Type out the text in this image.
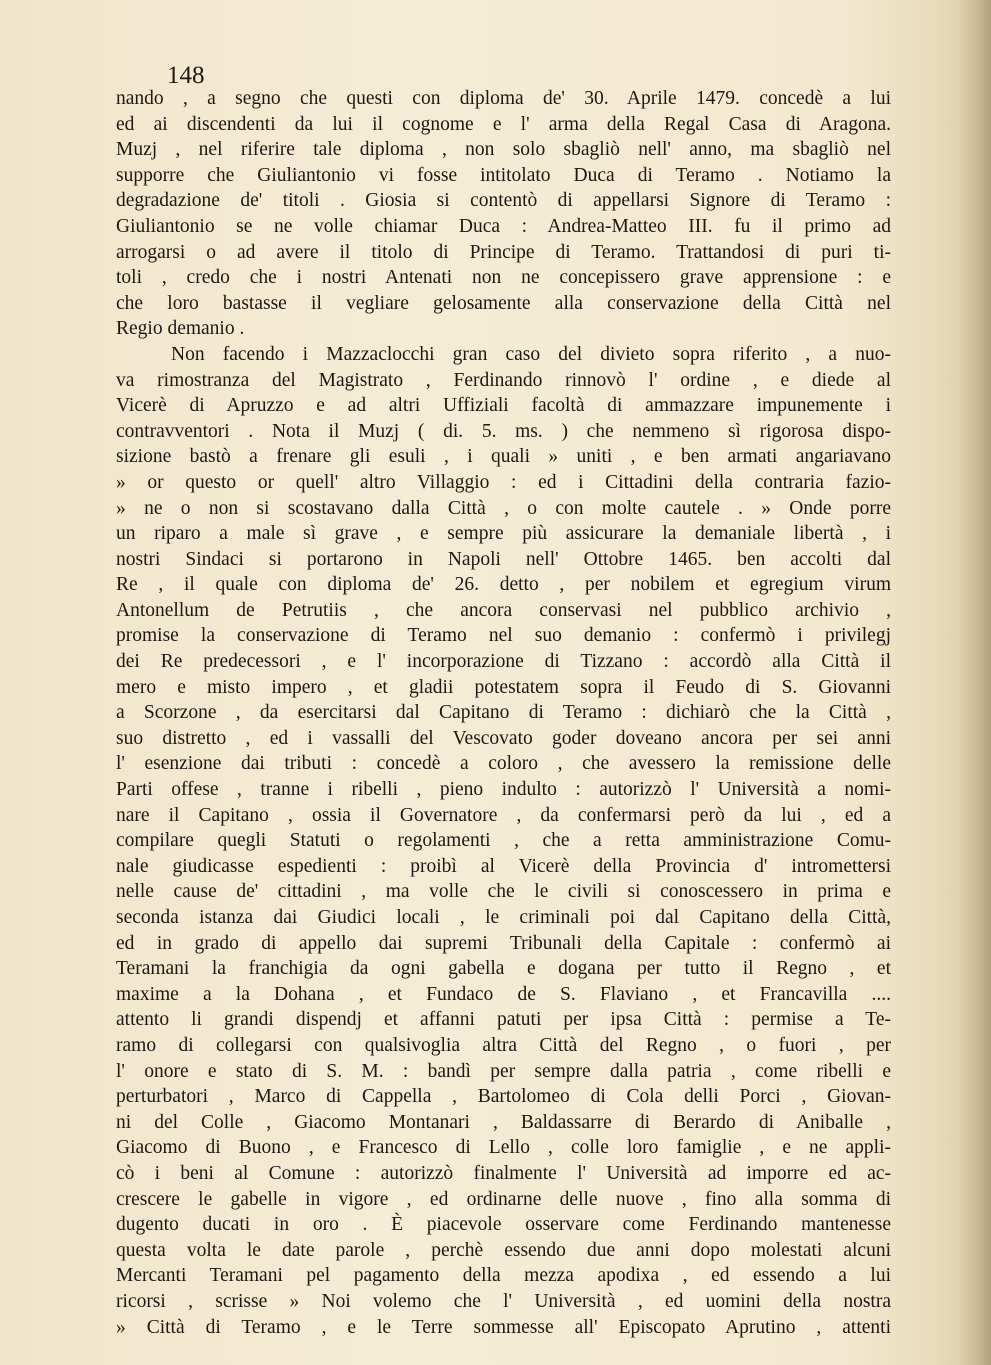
148
nando , a segno che questi con diploma de' 30. Aprile 1479. concedè a lui
ed ai discendenti da lui il cognome e l' arma della Regal Casa di Aragona.
Muzj , nel riferire tale diploma , non solo sbagliò nell' anno, ma sbagliò nel
supporre che Giuliantonio vi fosse intitolato Duca di Teramo . Notiamo la
degradazione de' titoli . Giosia si contentò di appellarsi Signore di Teramo :
Giuliantonio se ne volle chiamar Duca : Andrea-Matteo III. fu il primo ad
arrogarsi o ad avere il titolo di Principe di Teramo. Trattandosi di puri ti-
toli , credo che i nostri Antenati non ne concepissero grave apprensione : e
che loro bastasse il vegliare gelosamente alla conservazione della Città nel
Regio demanio .
Non facendo i Mazzaclocchi gran caso del divieto sopra riferito , a nuo-
va rimostranza del Magistrato , Ferdinando rinnovò l' ordine , e diede al
Vicerè di Apruzzo e ad altri Uffiziali facoltà di ammazzare impunemente i
contravventori . Nota il Muzj ( di. 5. ms. ) che nemmeno sì rigorosa dispo-
sizione bastò a frenare gli esuli , i quali » uniti , e ben armati angariavano
» or questo or quell' altro Villaggio : ed i Cittadini della contraria fazio-
» ne o non si scostavano dalla Città , o con molte cautele . » Onde porre
un riparo a male sì grave , e sempre più assicurare la demaniale libertà , i
nostri Sindaci si portarono in Napoli nell' Ottobre 1465. ben accolti dal
Re , il quale con diploma de' 26. detto , per nobilem et egregium virum
Antonellum de Petrutiis , che ancora conservasi nel pubblico archivio ,
promise la conservazione di Teramo nel suo demanio : confermò i privilegj
dei Re predecessori , e l' incorporazione di Tizzano : accordò alla Città il
mero e misto impero , et gladii potestatem sopra il Feudo di S. Giovanni
a Scorzone , da esercitarsi dal Capitano di Teramo : dichiarò che la Città ,
suo distretto , ed i vassalli del Vescovato goder doveano ancora per sei anni
l' esenzione dai tributi : concedè a coloro , che avessero la remissione delle
Parti offese , tranne i ribelli , pieno indulto : autorizzò l' Università a nomi-
nare il Capitano , ossia il Governatore , da confermarsi però da lui , ed a
compilare quegli Statuti o regolamenti , che a retta amministrazione Comu-
nale giudicasse espedienti : proibì al Vicerè della Provincia d' intromettersi
nelle cause de' cittadini , ma volle che le civili si conoscessero in prima e
seconda istanza dai Giudici locali , le criminali poi dal Capitano della Città,
ed in grado di appello dai supremi Tribunali della Capitale : confermò ai
Teramani la franchigia da ogni gabella e dogana per tutto il Regno , et
maxime a la Dohana , et Fundaco de S. Flaviano , et Francavilla ....
attento li grandi dispendj et affanni patuti per ipsa Città : permise a Te-
ramo di collegarsi con qualsivoglia altra Città del Regno , o fuori , per
l' onore e stato di S. M. : bandì per sempre dalla patria , come ribelli e
perturbatori , Marco di Cappella , Bartolomeo di Cola delli Porci , Giovan-
ni del Colle , Giacomo Montanari , Baldassarre di Berardo di Aniballe ,
Giacomo di Buono , e Francesco di Lello , colle loro famiglie , e ne appli-
cò i beni al Comune : autorizzò finalmente l' Università ad imporre ed ac-
crescere le gabelle in vigore , ed ordinarne delle nuove , fino alla somma di
dugento ducati in oro . È piacevole osservare come Ferdinando mantenesse
questa volta le date parole , perchè essendo due anni dopo molestati alcuni
Mercanti Teramani pel pagamento della mezza apodixa , ed essendo a lui
ricorsi , scrisse » Noi volemo che l' Università , ed uomini della nostra
» Città di Teramo , e le Terre sommesse all' Episcopato Aprutino , attenti
